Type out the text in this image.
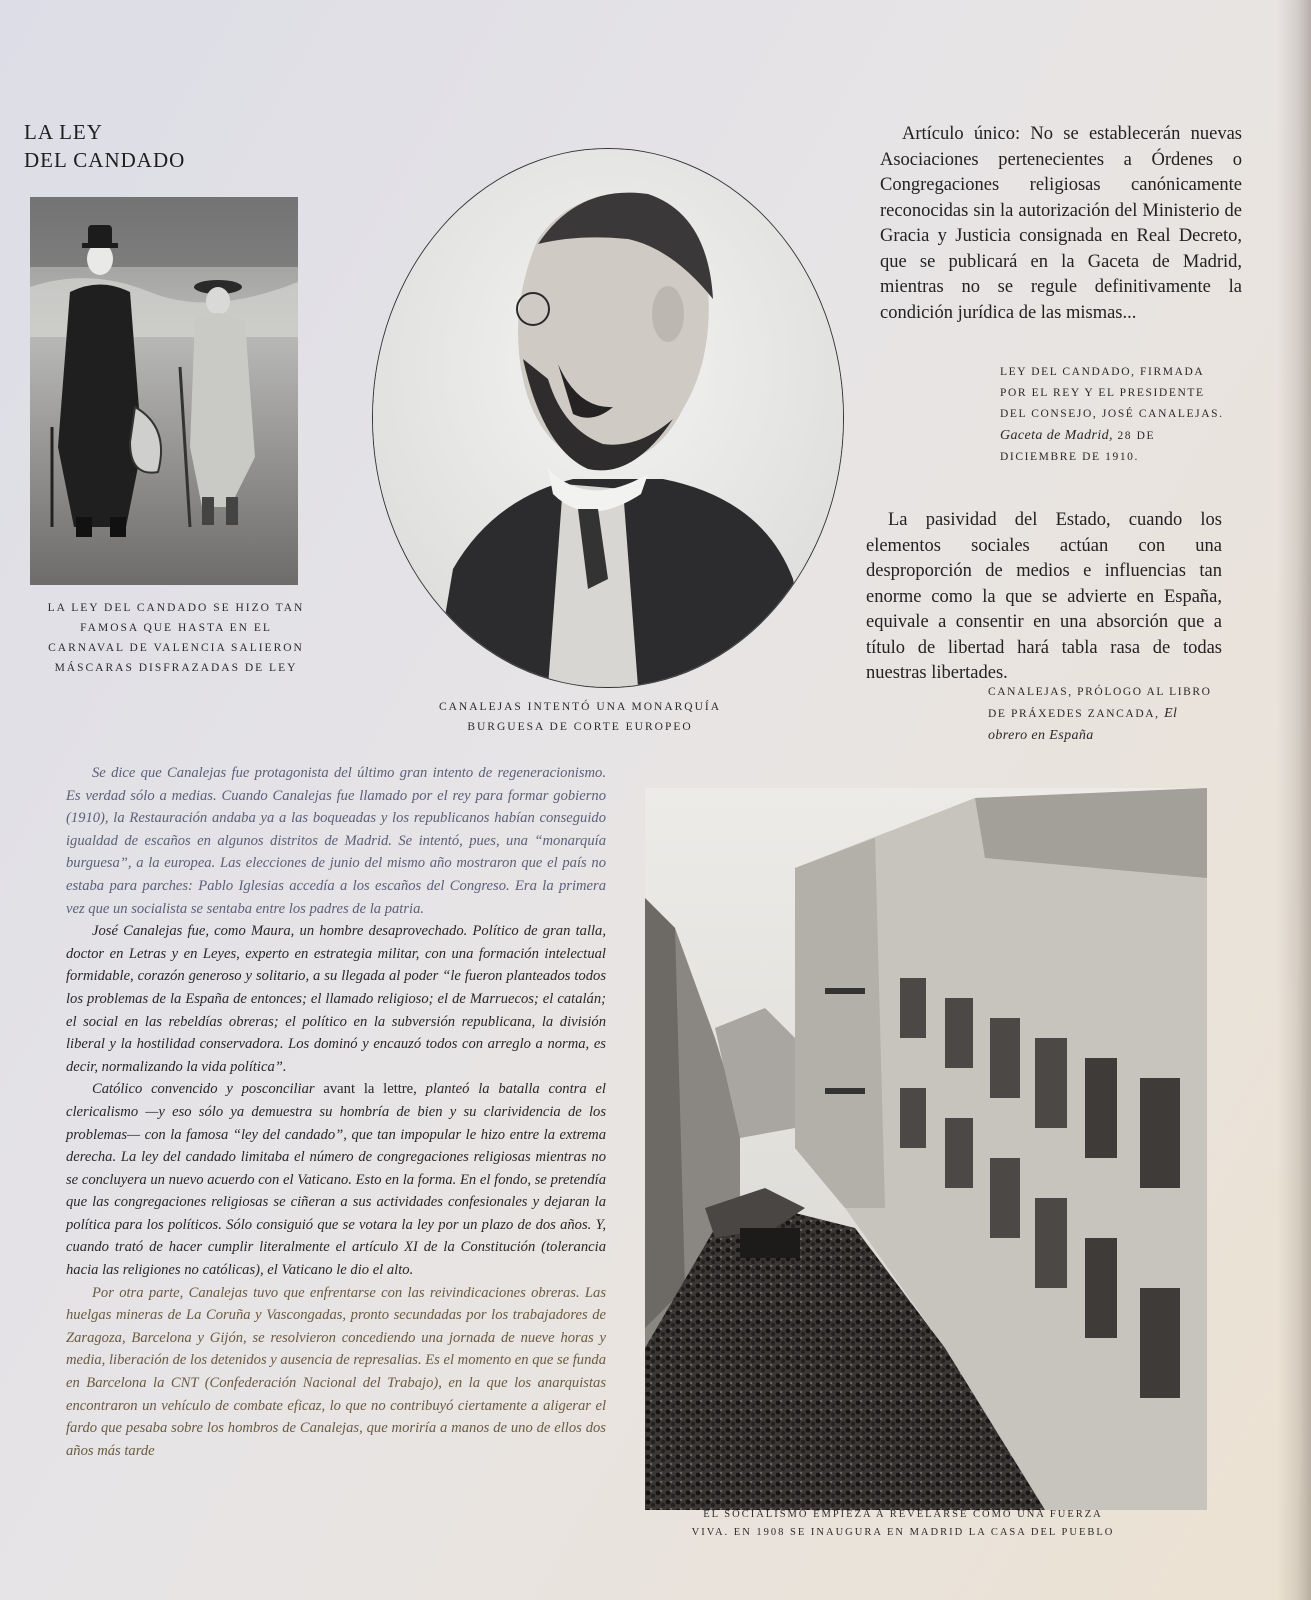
LA LEY
DEL CANDADO
LA LEY DEL CANDADO SE HIZO TAN FAMOSA QUE HASTA EN EL CARNAVAL DE VALENCIA SALIERON MÁSCARAS DISFRAZADAS DE LEY
CANALEJAS INTENTÓ UNA MONARQUÍA BURGUESA DE CORTE EUROPEO
Artículo único: No se establecerán nuevas Asociaciones pertenecientes a Órdenes o Congregaciones religiosas canónicamente reconocidas sin la autorización del Ministerio de Gracia y Justicia consignada en Real Decreto, que se publicará en la Gaceta de Madrid, mientras no se regule definitivamente la condición jurídica de las mismas...
LEY DEL CANDADO, FIRMADA POR EL REY Y EL PRESIDENTE DEL CONSEJO, JOSÉ CANALEJAS. Gaceta de Madrid, 28 DE DICIEMBRE DE 1910.
La pasividad del Estado, cuando los elementos sociales actúan con una desproporción de medios e influencias tan enorme como la que se advierte en España, equivale a consentir en una absorción que a título de libertad hará tabla rasa de todas nuestras libertades.
CANALEJAS, PRÓLOGO AL LIBRO DE PRÁXEDES ZANCADA, El obrero en España

Se dice que Canalejas fue protagonista del último gran intento de regeneracionismo. Es verdad sólo a medias. Cuando Canalejas fue llamado por el rey para formar gobierno (1910), la Restauración andaba ya a las boqueadas y los republicanos habían conseguido igualdad de escaños en algunos distritos de Madrid. Se intentó, pues, una “monarquía burguesa”, a la europea. Las elecciones de junio del mismo año mostraron que el país no estaba para parches: Pablo Iglesias accedía a los escaños del Congreso. Era la primera vez que un socialista se sentaba entre los padres de la patria.

José Canalejas fue, como Maura, un hombre desaprovechado. Político de gran talla, doctor en Letras y en Leyes, experto en estrategia militar, con una formación intelectual formidable, corazón generoso y solitario, a su llegada al poder “le fueron planteados todos los problemas de la España de entonces; el llamado religioso; el de Marruecos; el catalán; el social en las rebeldías obreras; el político en la subversión republicana, la división liberal y la hostilidad conservadora. Los dominó y encauzó todos con arreglo a norma, es decir, normalizando la vida política”.

Católico convencido y posconciliar avant la lettre, planteó la batalla contra el clericalismo —y eso sólo ya demuestra su hombría de bien y su clarividencia de los problemas— con la famosa “ley del candado”, que tan impopular le hizo entre la extrema derecha. La ley del candado limitaba el número de congregaciones religiosas mientras no se concluyera un nuevo acuerdo con el Vaticano. Esto en la forma. En el fondo, se pretendía que las congregaciones religiosas se ciñeran a sus actividades confesionales y dejaran la política para los políticos. Sólo consiguió que se votara la ley por un plazo de dos años. Y, cuando trató de hacer cumplir literalmente el artículo XI de la Constitución (tolerancia hacia las religiones no católicas), el Vaticano le dio el alto.

Por otra parte, Canalejas tuvo que enfrentarse con las reivindicaciones obreras. Las huelgas mineras de La Coruña y Vascongadas, pronto secundadas por los trabajadores de Zaragoza, Barcelona y Gijón, se resolvieron concediendo una jornada de nueve horas y media, liberación de los detenidos y ausencia de represalias. Es el momento en que se funda en Barcelona la CNT (Confederación Nacional del Trabajo), en la que los anarquistas encontraron un vehículo de combate eficaz, lo que no contribuyó ciertamente a aligerar el fardo que pesaba sobre los hombros de Canalejas, que moriría a manos de uno de ellos dos años más tarde

EL SOCIALISMO EMPIEZA A REVELARSE COMO UNA FUERZA VIVA. EN 1908 SE INAUGURA EN MADRID LA CASA DEL PUEBLO
